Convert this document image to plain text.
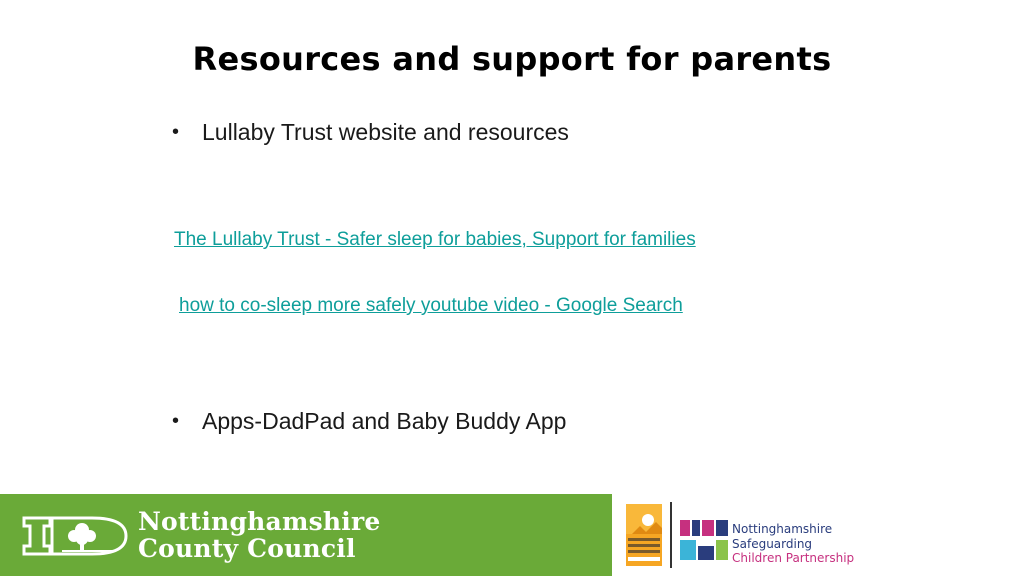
Resources and support for parents
• Lullaby Trust website and resources
The Lullaby Trust - Safer sleep for babies, Support for families
how to co-sleep more safely youtube video - Google Search
• Apps-DadPad and Baby Buddy App
Nottinghamshire
County Council
Nottinghamshire
Safeguarding
Children Partnership
